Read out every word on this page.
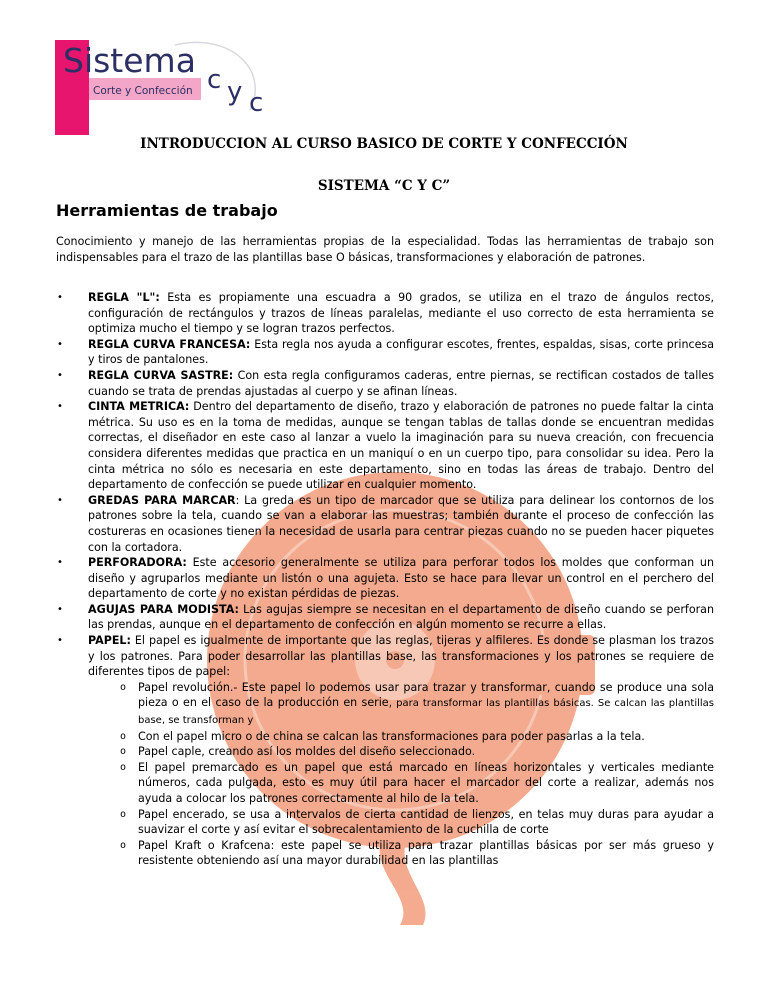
Sistema
Corte y Confección c y c
INTRODUCCION AL CURSO BASICO DE CORTE Y CONFECCIÓN
SISTEMA “C Y C”
Herramientas de trabajo

Conocimiento y manejo de las herramientas propias de la especialidad. Todas las herramientas de trabajo son indispensables para el trazo de las plantillas base O básicas, transformaciones y elaboración de patrones.

• REGLA "L": Esta es propiamente una escuadra a 90 grados, se utiliza en el trazo de ángulos rectos, configuración de rectángulos y trazos de líneas paralelas, mediante el uso correcto de esta herramienta se optimiza mucho el tiempo y se logran trazos perfectos.
• REGLA CURVA FRANCESA: Esta regla nos ayuda a configurar escotes, frentes, espaldas, sisas, corte princesa y tiros de pantalones.
• REGLA CURVA SASTRE: Con esta regla configuramos caderas, entre piernas, se rectifican costados de talles cuando se trata de prendas ajustadas al cuerpo y se afinan líneas.
• CINTA METRICA: Dentro del departamento de diseño, trazo y elaboración de patrones no puede faltar la cinta métrica. Su uso es en la toma de medidas, aunque se tengan tablas de tallas donde se encuentran medidas correctas, el diseñador en este caso al lanzar a vuelo la imaginación para su nueva creación, con frecuencia considera diferentes medidas que practica en un maniquí o en un cuerpo tipo, para consolidar su idea. Pero la cinta métrica no sólo es necesaria en este departamento, sino en todas las áreas de trabajo. Dentro del departamento de confección se puede utilizar en cualquier momento.
• GREDAS PARA MARCAR: La greda es un tipo de marcador que se utiliza para delinear los contornos de los patrones sobre la tela, cuando se van a elaborar las muestras; también durante el proceso de confección las costureras en ocasiones tienen la necesidad de usarla para centrar piezas cuando no se pueden hacer piquetes con la cortadora.
• PERFORADORA: Este accesorio generalmente se utiliza para perforar todos los moldes que conforman un diseño y agruparlos mediante un listón o una agujeta. Esto se hace para llevar un control en el perchero del departamento de corte y no existan pérdidas de piezas.
• AGUJAS PARA MODISTA: Las agujas siempre se necesitan en el departamento de diseño cuando se perforan las prendas, aunque en el departamento de confección en algún momento se recurre a ellas.
• PAPEL: El papel es igualmente de importante que las reglas, tijeras y alfileres. Es donde se plasman los trazos y los patrones. Para poder desarrollar las plantillas base, las transformaciones y los patrones se requiere de diferentes tipos de papel:
o Papel revolución.- Este papel lo podemos usar para trazar y transformar, cuando se produce una sola pieza o en el caso de la producción en serie, para transformar las plantillas básicas. Se calcan las plantillas base, se transforman y
o Con el papel micro o de china se calcan las transformaciones para poder pasarlas a la tela.
o Papel caple, creando así los moldes del diseño seleccionado.
o El papel premarcado es un papel que está marcado en líneas horizontales y verticales mediante números, cada pulgada, esto es muy útil para hacer el marcador del corte a realizar, además nos ayuda a colocar los patrones correctamente al hilo de la tela.
o Papel encerado, se usa a intervalos de cierta cantidad de lienzos, en telas muy duras para ayudar a suavizar el corte y así evitar el sobrecalentamiento de la cuchilla de corte
o Papel Kraft o Krafcena: este papel se utiliza para trazar plantillas básicas por ser más grueso y resistente obteniendo así una mayor durabilidad en las plantillas
